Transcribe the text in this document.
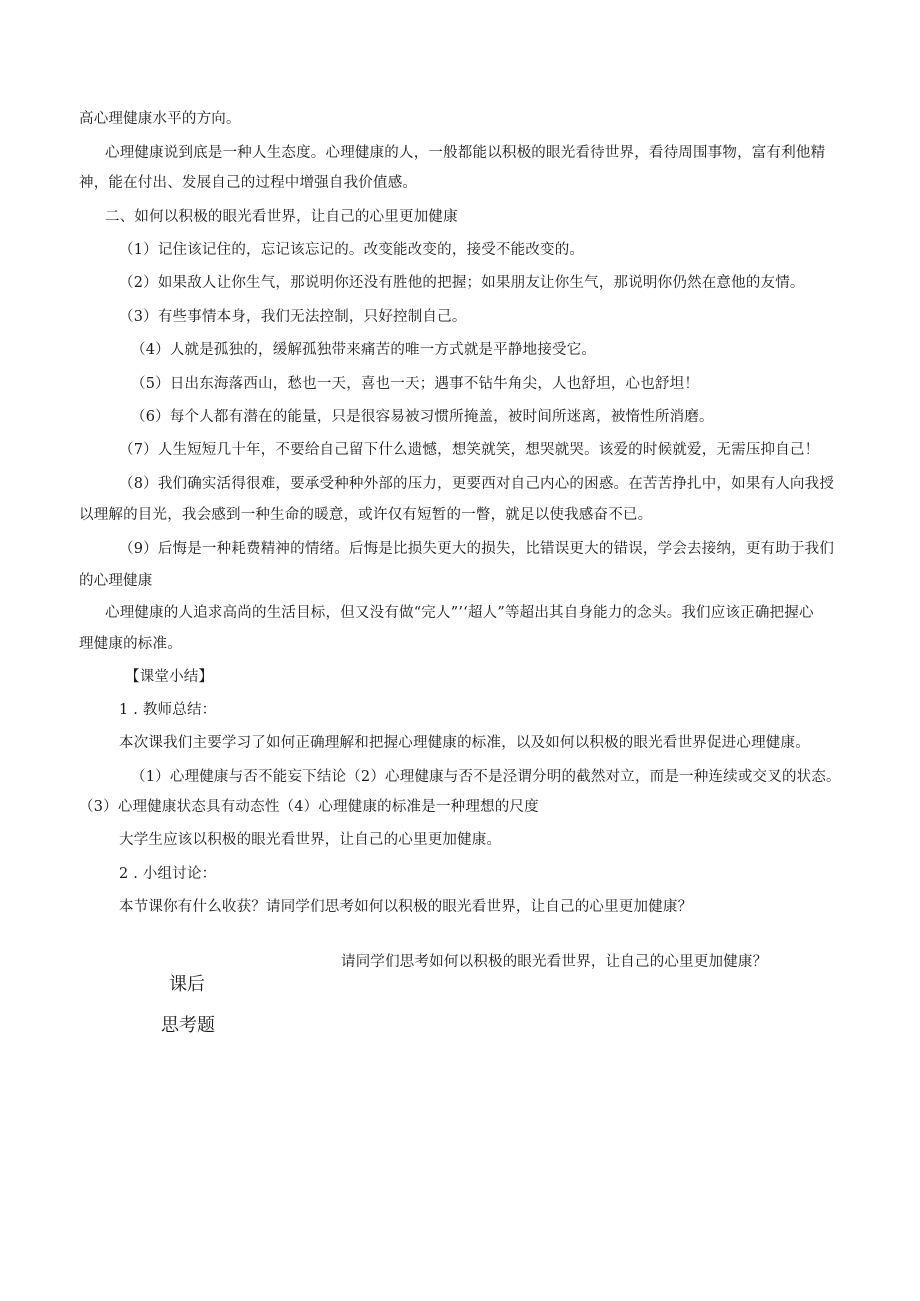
高心理健康水平的方向。
心理健康说到底是一种人生态度。心理健康的人，一般都能以积极的眼光看待世界，看待周围事物，富有利他精
神，能在付出、发展自己的过程中增强自我价值感。
二、如何以积极的眼光看世界，让自己的心里更加健康
（1）记住该记住的，忘记该忘记的。改变能改变的，接受不能改变的。
（2）如果敌人让你生气，那说明你还没有胜他的把握；如果朋友让你生气，那说明你仍然在意他的友情。
（3）有些事情本身，我们无法控制，只好控制自己。
（4）人就是孤独的，缓解孤独带来痛苦的唯一方式就是平静地接受它。
（5）日出东海落西山，愁也一天，喜也一天；遇事不钻牛角尖，人也舒坦，心也舒坦！
（6）每个人都有潜在的能量，只是很容易被习惯所掩盖，被时间所迷离，被惰性所消磨。
（7）人生短短几十年，不要给自己留下什么遗憾，想笑就笑，想哭就哭。该爱的时候就爱，无需压抑自己！
（8）我们确实活得很难，要承受种种外部的压力，更要西对自己内心的困惑。在苦苦挣扎中，如果有人向我授
以理解的目光，我会感到一种生命的暖意，或许仅有短暂的一瞥，就足以使我感奋不已。
（9）后悔是一种耗费精神的情绪。后悔是比损失更大的损失，比错误更大的错误，学会去接纳，更有助于我们
的心理健康
心理健康的人追求高尚的生活目标，但又没有做“完人”’‘超人”等超出其自身能力的念头。我们应该正确把握心
理健康的标准。
【课堂小结】
1 . 教师总结：
本次课我们主要学习了如何正确理解和把握心理健康的标准，以及如何以积极的眼光看世界促进心理健康。
（1）心理健康与否不能妄下结论（2）心理健康与否不是泾谓分明的截然对立，而是一种连续或交叉的状态。
（3）心理健康状态具有动态性（4）心理健康的标准是一种理想的尺度
大学生应该以积极的眼光看世界，让自己的心里更加健康。
2 . 小组讨论：
本节课你有什么收获？请同学们思考如何以积极的眼光看世界，让自己的心里更加健康？
请同学们思考如何以积极的眼光看世界，让自己的心里更加健康？
课后
思考题
